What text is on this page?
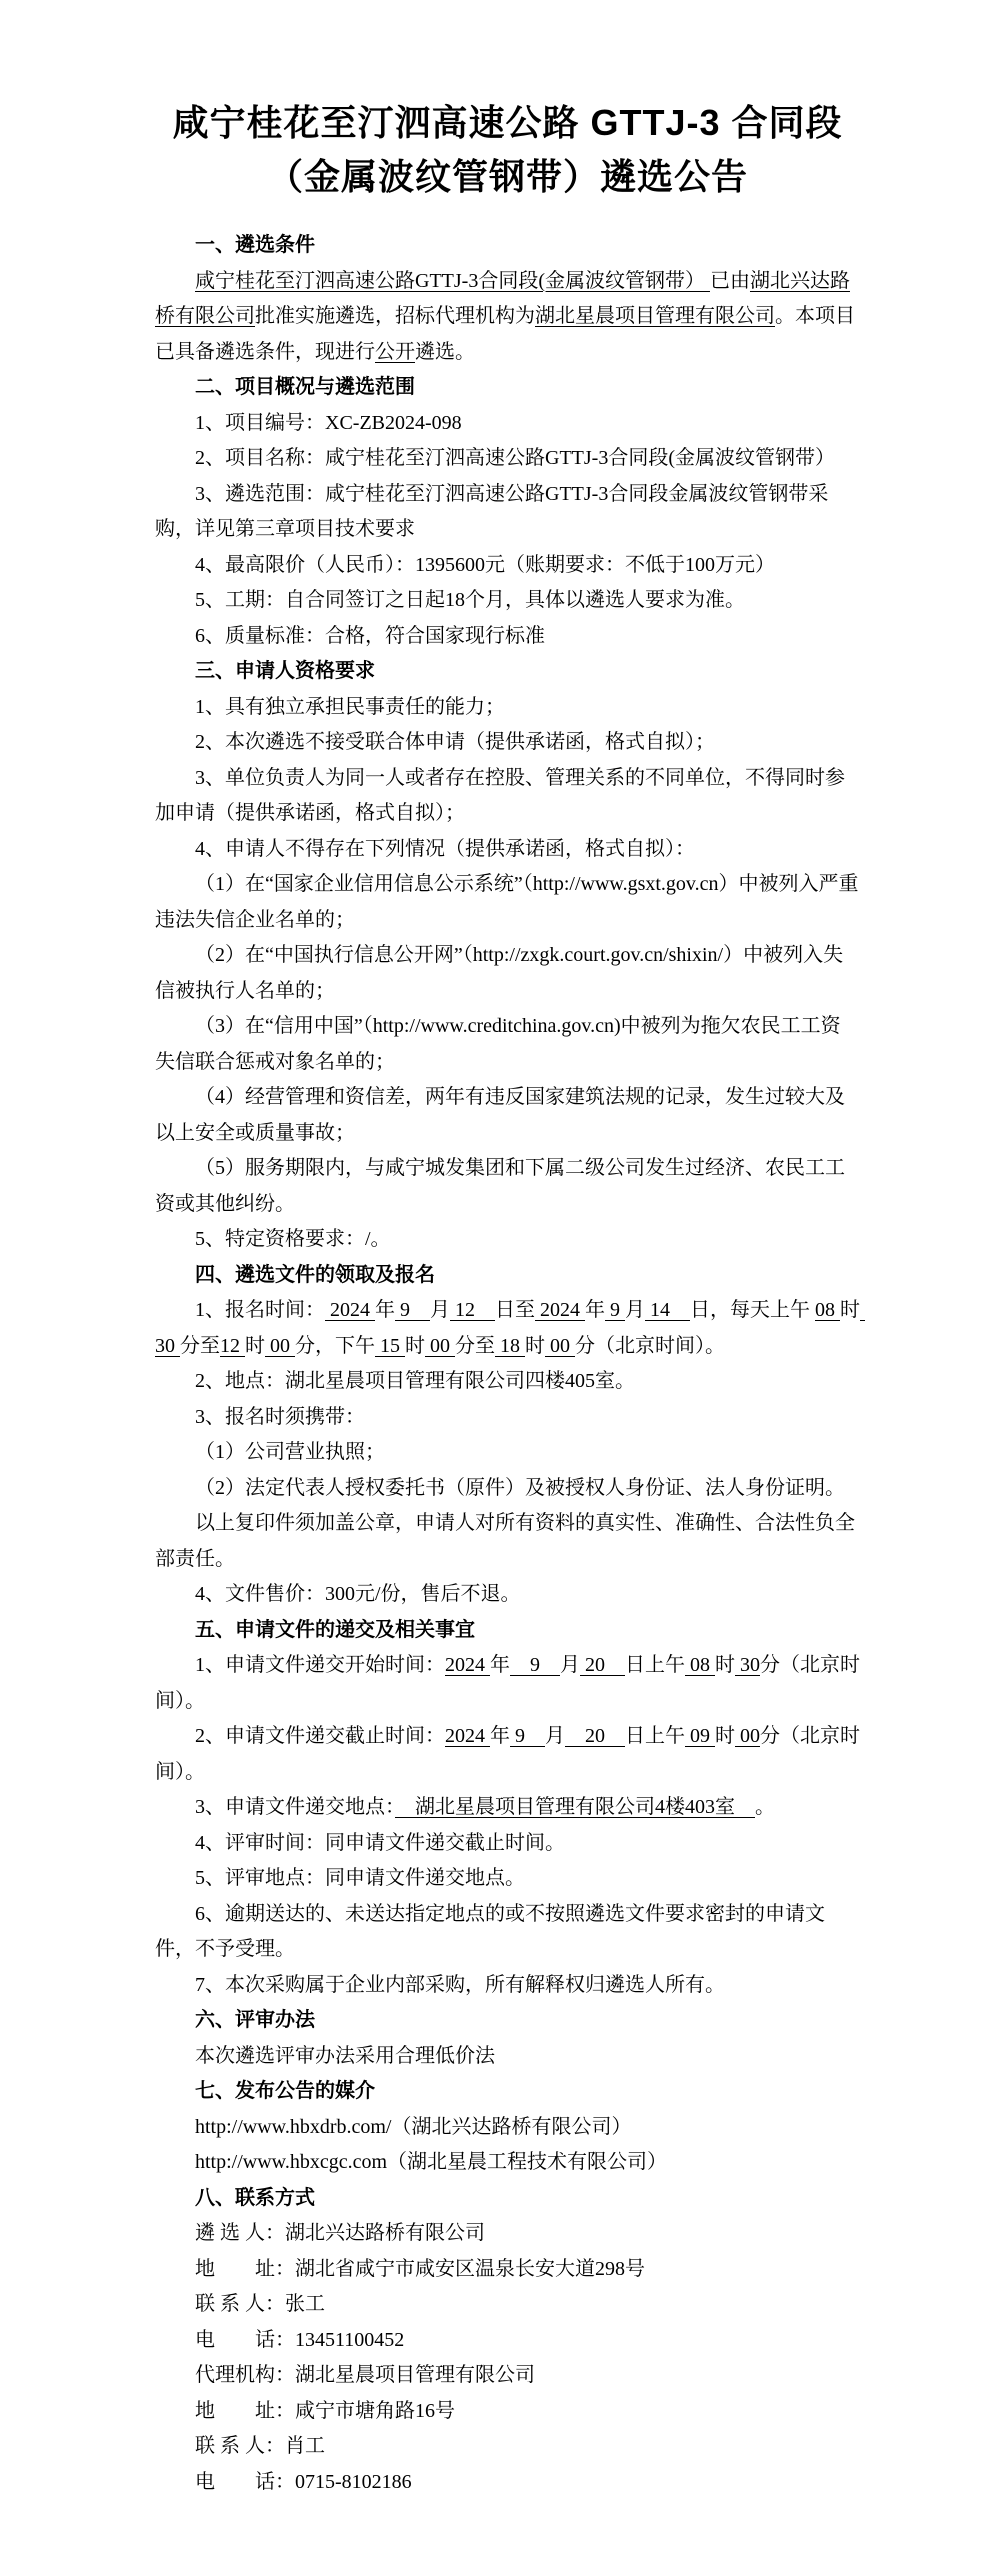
咸宁桂花至汀泗高速公路 GTTJ-3 合同段
（金属波纹管钢带）遴选公告

一、遴选条件

咸宁桂花至汀泗高速公路GTTJ-3合同段(金属波纹管钢带） 已由湖北兴达路桥有限公司批准实施遴选，招标代理机构为湖北星晨项目管理有限公司。本项目已具备遴选条件，现进行公开遴选。

二、项目概况与遴选范围

1、项目编号：XC-ZB2024-098

2、项目名称：咸宁桂花至汀泗高速公路GTTJ-3合同段(金属波纹管钢带）

3、遴选范围：咸宁桂花至汀泗高速公路GTTJ-3合同段金属波纹管钢带采购，详见第三章项目技术要求

4、最高限价（人民币）：1395600元（账期要求：不低于100万元）

5、工期：自合同签订之日起18个月，具体以遴选人要求为准。

6、质量标准：合格，符合国家现行标准

三、申请人资格要求

1、具有独立承担民事责任的能力；

2、本次遴选不接受联合体申请（提供承诺函，格式自拟）；

3、单位负责人为同一人或者存在控股、管理关系的不同单位，不得同时参加申请（提供承诺函，格式自拟）；

4、申请人不得存在下列情况（提供承诺函，格式自拟）：

（1）在“国家企业信用信息公示系统”（http://www.gsxt.gov.cn）中被列入严重违法失信企业名单的；

（2）在“中国执行信息公开网”（http://zxgk.court.gov.cn/shixin/）中被列入失信被执行人名单的；

（3）在“信用中国”（http://www.creditchina.gov.cn)中被列为拖欠农民工工资失信联合惩戒对象名单的；

（4）经营管理和资信差，两年有违反国家建筑法规的记录，发生过较大及以上安全或质量事故；

（5）服务期限内，与咸宁城发集团和下属二级公司发生过经济、农民工工资或其他纠纷。

5、特定资格要求：/。

四、遴选文件的领取及报名

1、报名时间： 2024 年 9　月 12　日至 2024 年 9 月 14　日，每天上午 08 时 30 分至12 时 00 分，下午 15 时 00 分至 18 时 00 分（北京时间）。

2、地点：湖北星晨项目管理有限公司四楼405室。

3、报名时须携带：

（1）公司营业执照；

（2）法定代表人授权委托书（原件）及被授权人身份证、法人身份证明。

以上复印件须加盖公章，申请人对所有资料的真实性、准确性、合法性负全部责任。

4、文件售价：300元/份，售后不退。

五、申请文件的递交及相关事宜

1、申请文件递交开始时间：2024 年　9　月 20　日上午 08 时 30分（北京时间）。

2、申请文件递交截止时间：2024 年 9　月　20　日上午 09 时 00分（北京时间）。

3、申请文件递交地点：　湖北星晨项目管理有限公司4楼403室　。

4、评审时间：同申请文件递交截止时间。

5、评审地点：同申请文件递交地点。

6、逾期送达的、未送达指定地点的或不按照遴选文件要求密封的申请文件，不予受理。

7、本次采购属于企业内部采购，所有解释权归遴选人所有。

六、评审办法

本次遴选评审办法采用合理低价法

七、发布公告的媒介

http://www.hbxdrb.com/（湖北兴达路桥有限公司）

http://www.hbxcgc.com（湖北星晨工程技术有限公司）

八、联系方式

遴 选 人：湖北兴达路桥有限公司

地　　址：湖北省咸宁市咸安区温泉长安大道298号

联 系 人：张工

电　　话：13451100452

代理机构：湖北星晨项目管理有限公司

地　　址：咸宁市塘角路16号

联 系 人：肖工

电　　话：0715-8102186
